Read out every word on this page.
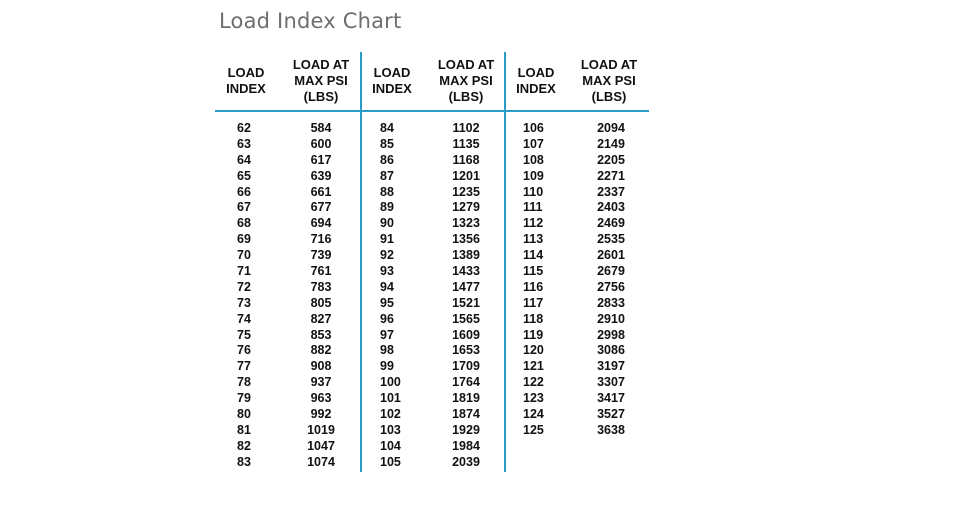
Load Index Chart
LOAD
INDEX
LOAD AT
MAX PSI
(LBS)
LOAD
INDEX
LOAD AT
MAX PSI
(LBS)
LOAD
INDEX
LOAD AT
MAX PSI
(LBS)
62
63
64
65
66
67
68
69
70
71
72
73
74
75
76
77
78
79
80
81
82
83
584
600
617
639
661
677
694
716
739
761
783
805
827
853
882
908
937
963
992
1019
1047
1074
84
85
86
87
88
89
90
91
92
93
94
95
96
97
98
99
100
101
102
103
104
105
1102
1135
1168
1201
1235
1279
1323
1356
1389
1433
1477
1521
1565
1609
1653
1709
1764
1819
1874
1929
1984
2039
106
107
108
109
110
111
112
113
114
115
116
117
118
119
120
121
122
123
124
125
2094
2149
2205
2271
2337
2403
2469
2535
2601
2679
2756
2833
2910
2998
3086
3197
3307
3417
3527
3638
